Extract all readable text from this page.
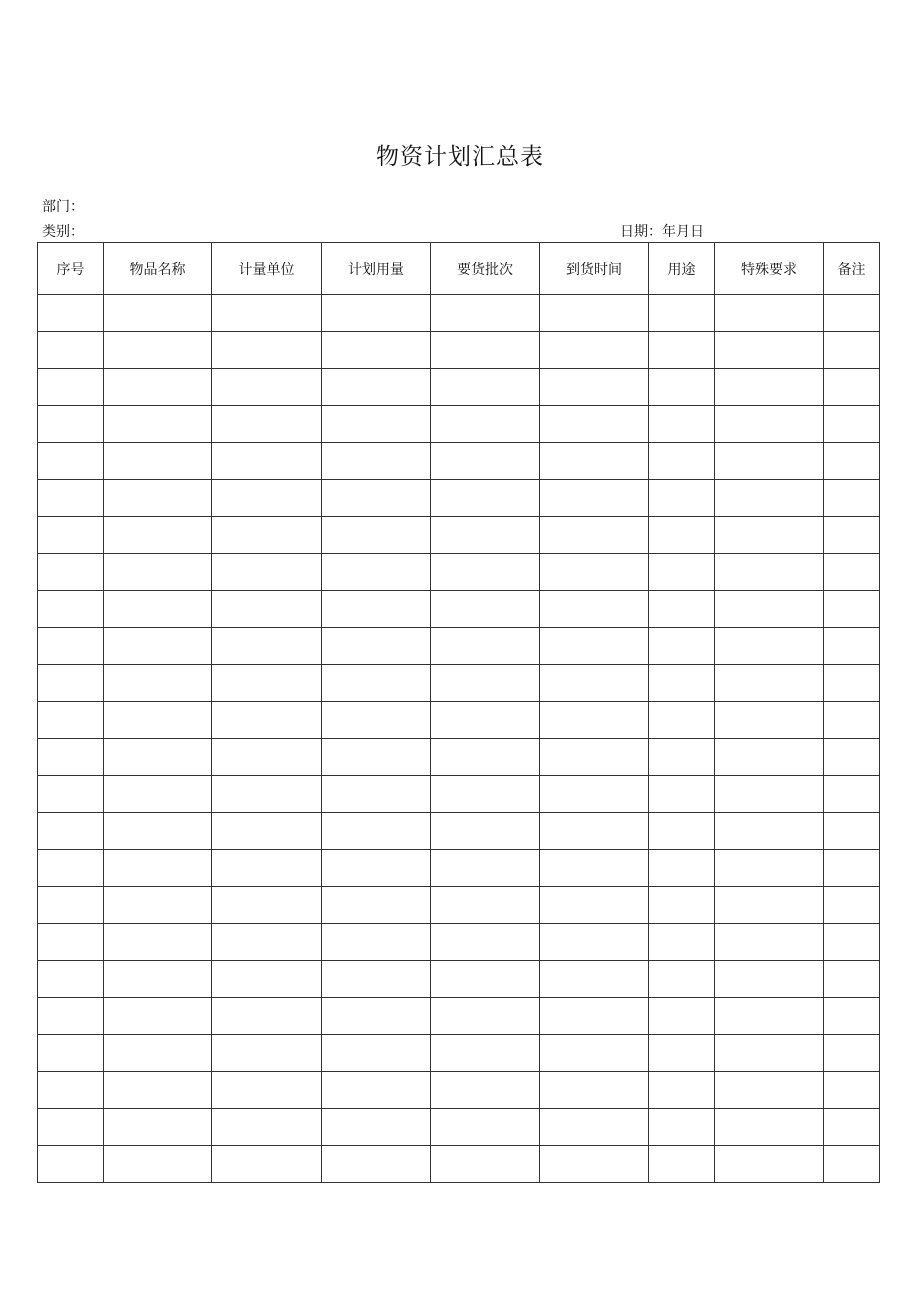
物资计划汇总表
部门：
类别：	日期：年月日
序号	物品名称	计量单位	计划用量	要货批次	到货时间	用途	特殊要求	备注
